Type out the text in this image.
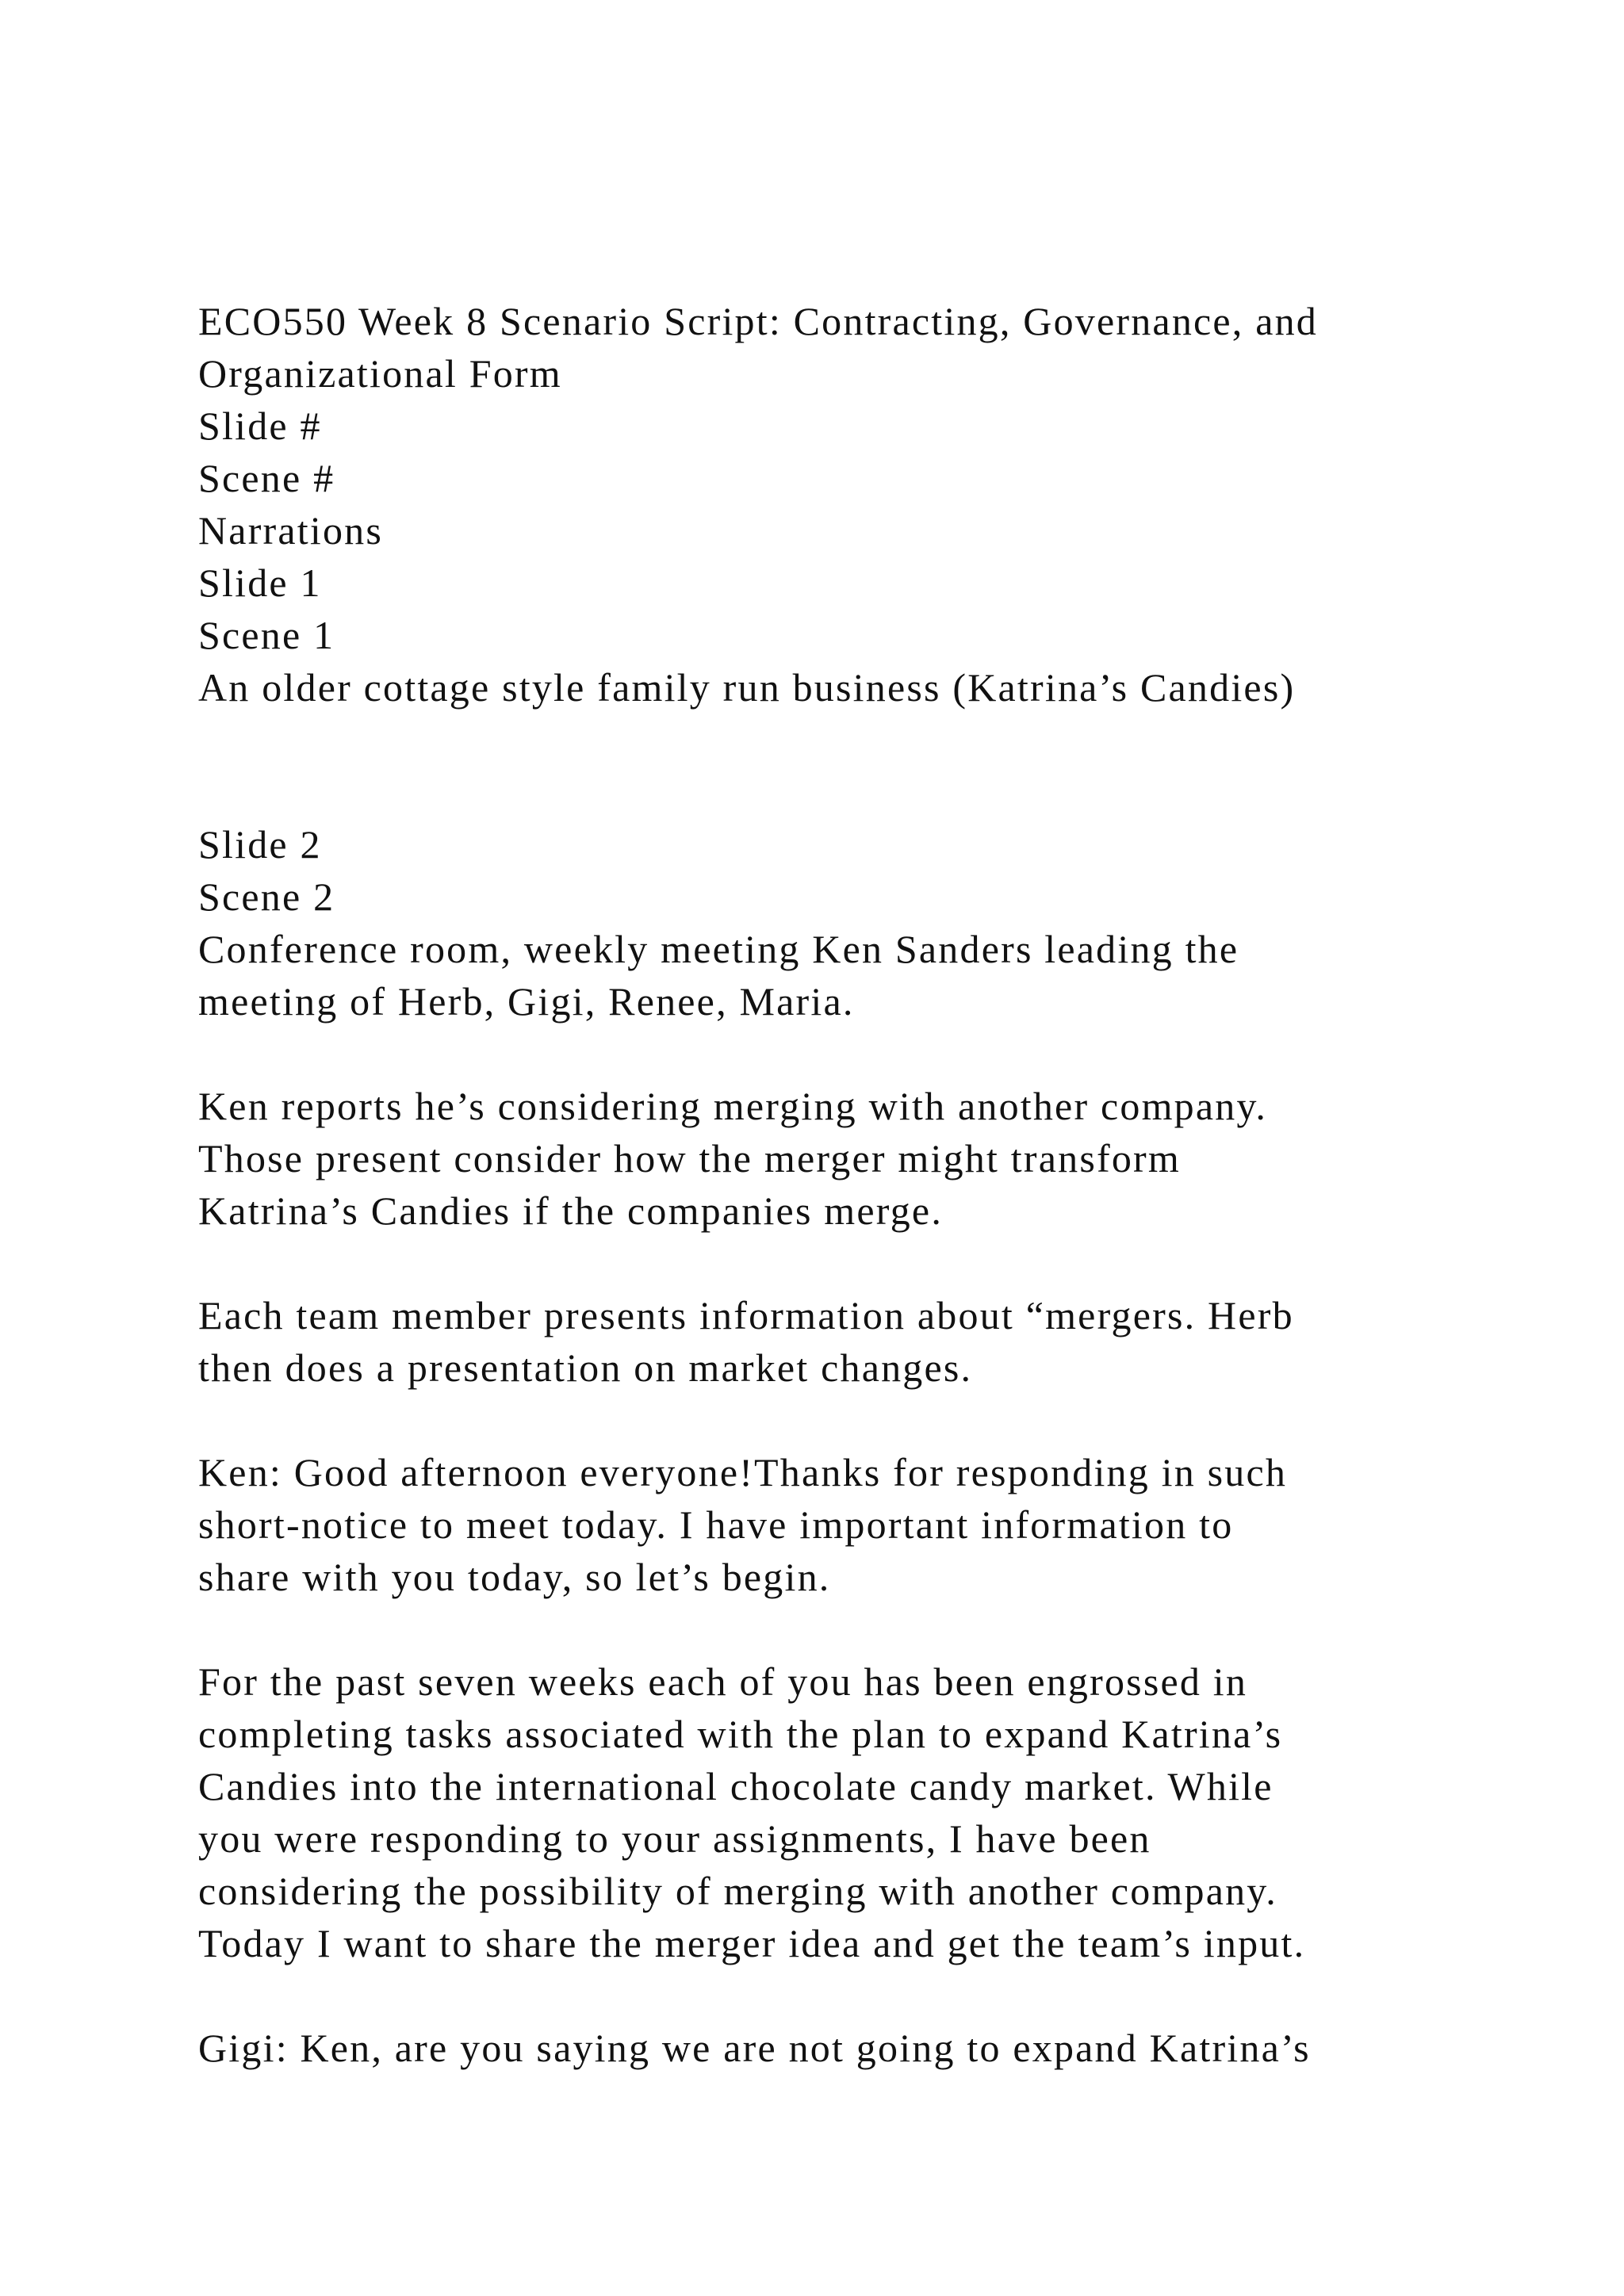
ECO550 Week 8 Scenario Script: Contracting, Governance, and
Organizational Form
Slide #
Scene #
Narrations
Slide 1
Scene 1
An older cottage style family run business (Katrina’s Candies)
Slide 2
Scene 2
Conference room, weekly meeting Ken Sanders leading the
meeting of Herb, Gigi, Renee, Maria.
Ken reports he’s considering merging with another company.
Those present consider how the merger might transform
Katrina’s Candies if the companies merge.
Each team member presents information about “mergers. Herb
then does a presentation on market changes.
Ken: Good afternoon everyone!Thanks for responding in such
short-notice to meet today. I have important information to
share with you today, so let’s begin.
For the past seven weeks each of you has been engrossed in
completing tasks associated with the plan to expand Katrina’s
Candies into the international chocolate candy market. While
you were responding to your assignments, I have been
considering the possibility of merging with another company.
Today I want to share the merger idea and get the team’s input.
Gigi: Ken, are you saying we are not going to expand Katrina’s
